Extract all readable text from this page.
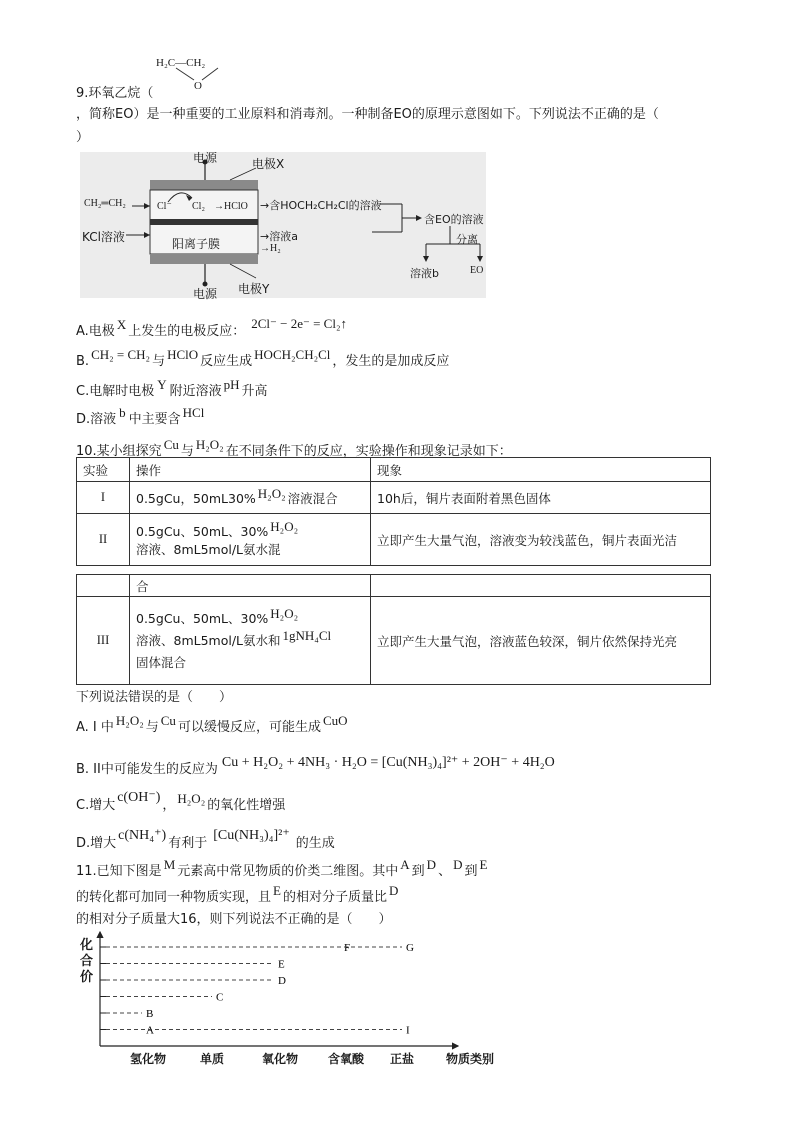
H₂C—CH₂
O
9.环氧乙烷（
，简称EO）是一种重要的工业原料和消毒剂。一种制备EO的原理示意图如下。下列说法不正确的是（
）
电源	电极X
CH₂═CH₂
KCl溶液
Cl⁻ Cl₂ →HClO
阳离子膜
→含HOCH₂CH₂Cl的溶液
→溶液a
→H₂
含EO的溶液
分离
溶液b	EO
电源 电极Y
A.电极 X 上发生的电极反应：2Cl⁻ − 2e⁻ = Cl₂↑
B. CH₂ = CH₂ 与 HClO 反应生成 HOCH₂CH₂Cl ，发生的是加成反应
C.电解时电极 Y 附近溶液 pH 升高
D.溶液 b 中主要含 HCl
10.某小组探究 Cu 与 H₂O₂ 在不同条件下的反应，实验操作和现象记录如下：
实验	操作	现象
I	0.5gCu，50mL30% H₂O₂ 溶液混合	10h后，铜片表面附着黑色固体
II	0.5gCu、50mL、30% H₂O₂
溶液、8mL5mol/L氨水混	立即产生大量气泡，溶液变为较浅蓝色，铜片表面光洁
	合	
III	0.5gCu、50mL、30% H₂O₂
溶液、8mL5mol/L氨水和 1gNH₄Cl
固体混合	立即产生大量气泡，溶液蓝色较深，铜片依然保持光亮
下列说法错误的是（　　）
A. I 中 H₂O₂ 与 Cu 可以缓慢反应，可能生成 CuO
B. II中可能发生的反应为 Cu + H₂O₂ + 4NH₃ · H₂O = [Cu(NH₃)₄]²⁺ + 2OH⁻ + 4H₂O
C.增大c(OH⁻)， H₂O₂ 的氧化性增强
D.增大c(NH₄⁺)有利于[Cu(NH₃)₄]²⁺的生成
11.已知下图是 M 元素高中常见物质的价类二维图。其中 A 到 D 、 D 到 E
的转化都可加同一种物质实现，且 E 的相对分子质量比 D
的相对分子质量大16，则下列说法不正确的是（　　）
A
B
C
D
E
F	G
I
化合价
氢化物	单质	氧化物 含氧酸 正盐	物质类别
